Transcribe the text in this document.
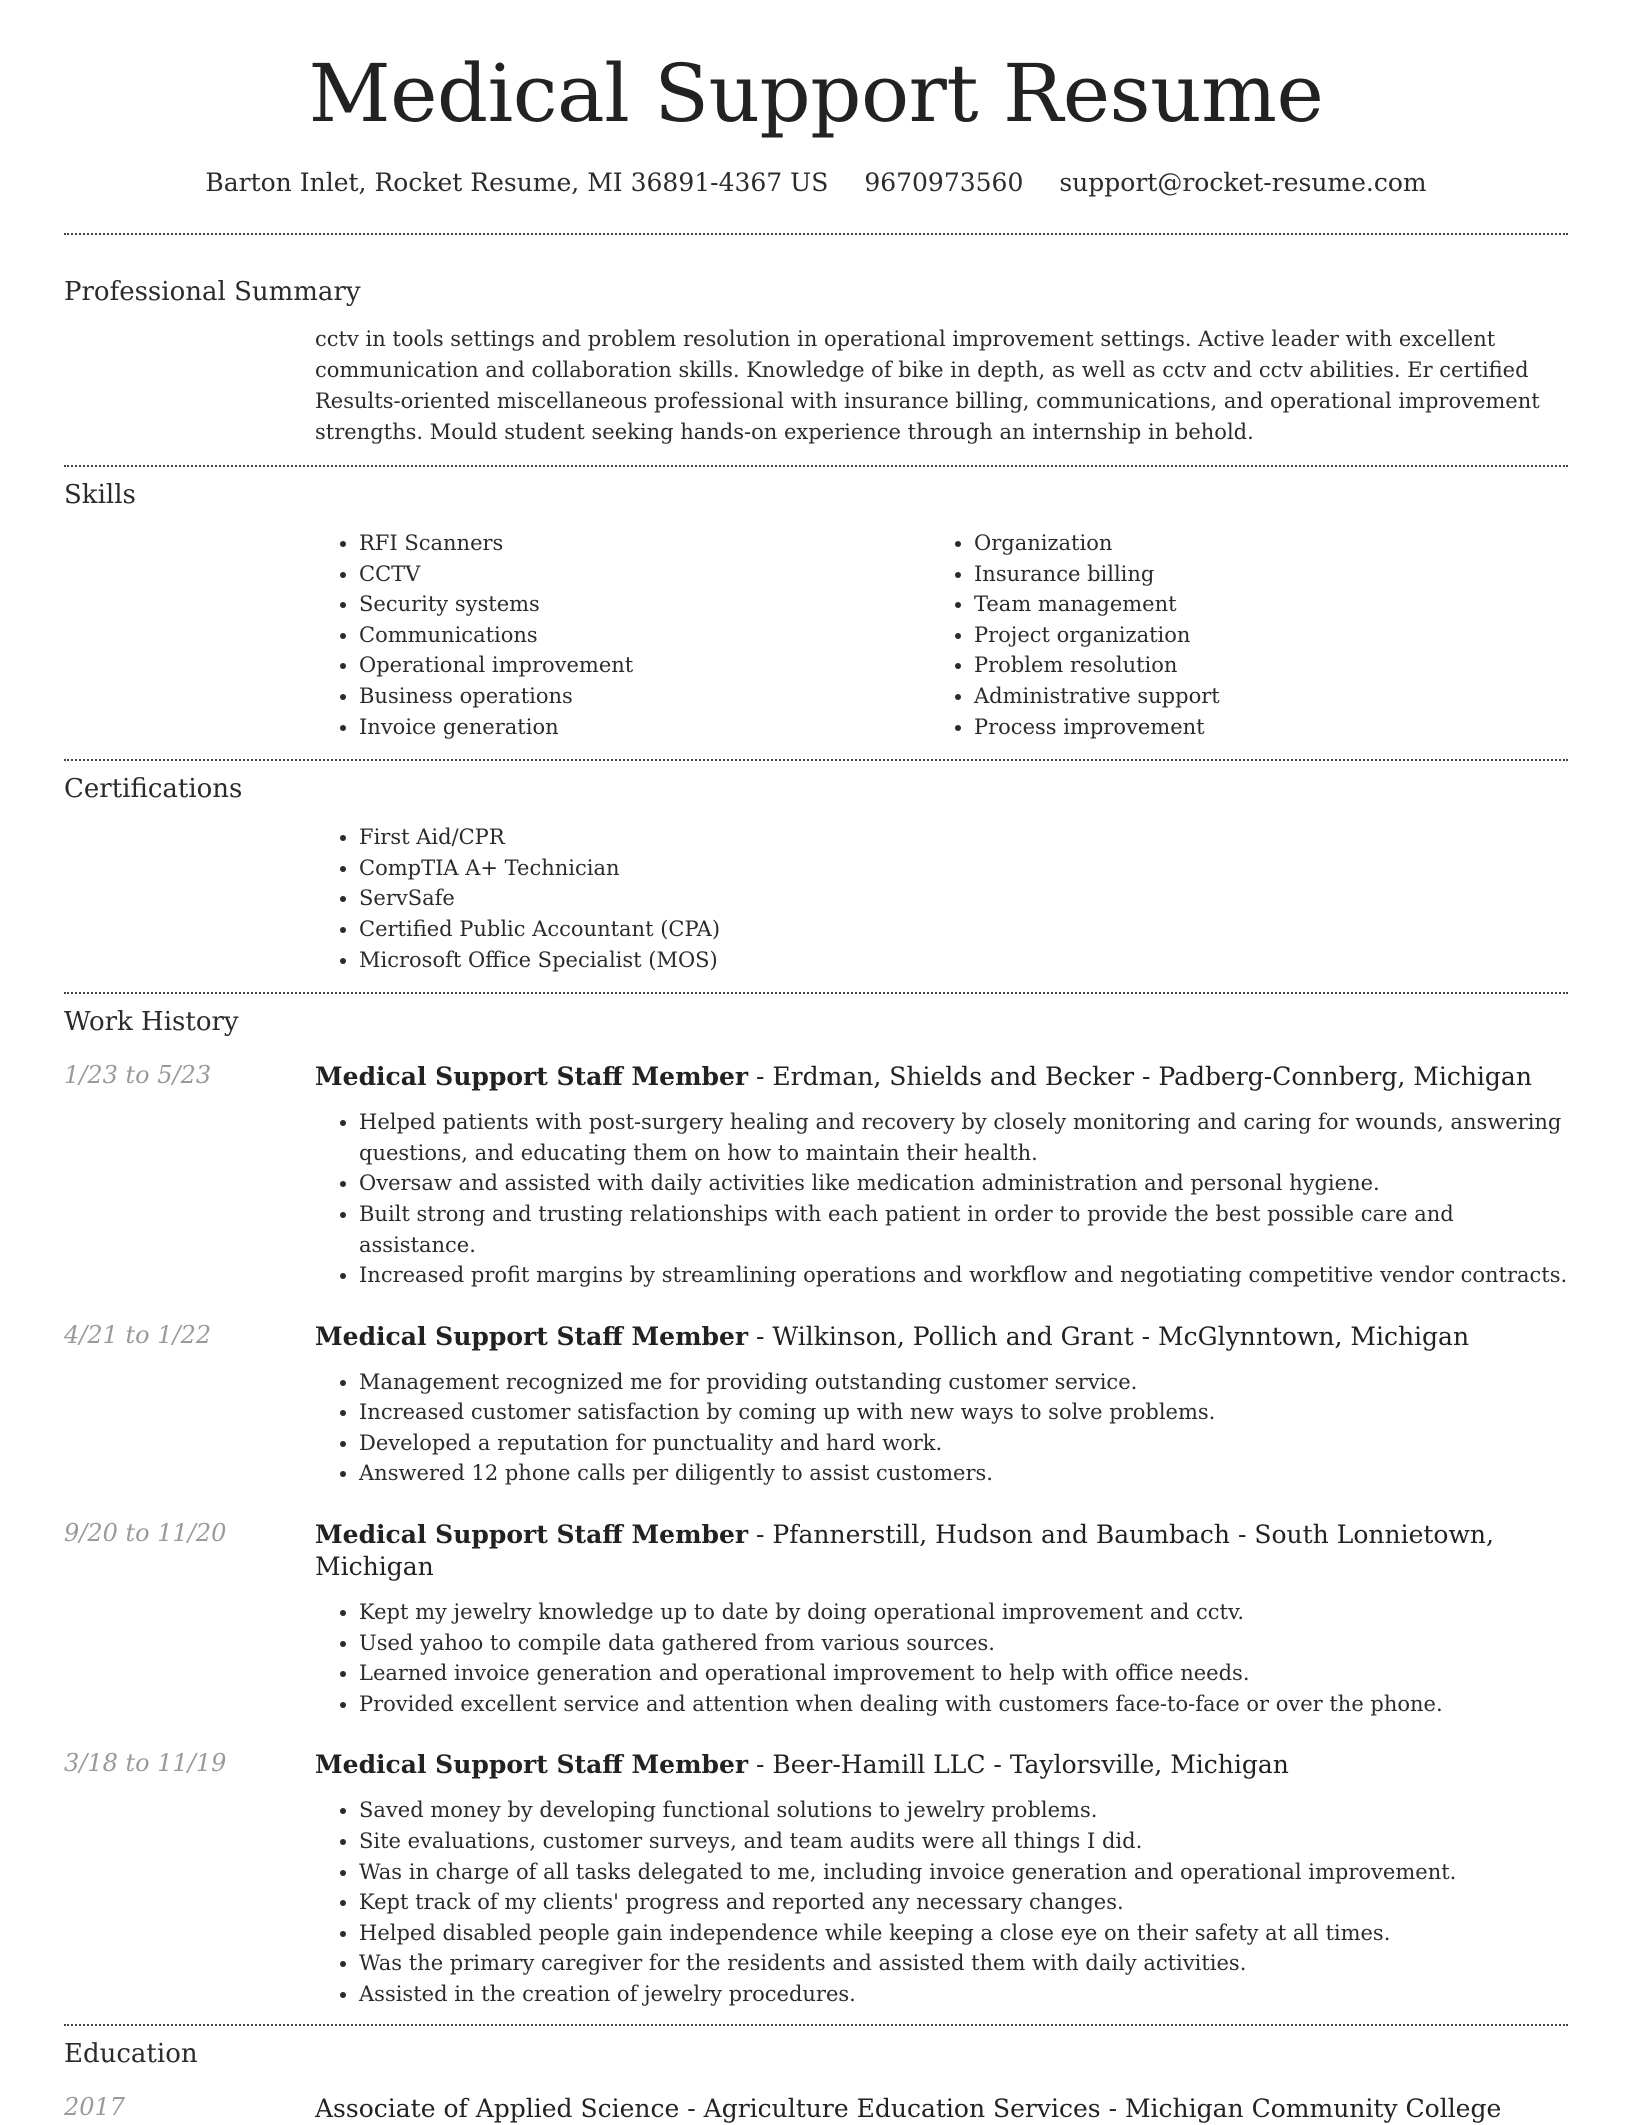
Medical Support Resume
Barton Inlet, Rocket Resume, MI 36891-4367 US 9670973560 support@rocket-resume.com
Professional Summary
cctv in tools settings and problem resolution in operational improvement settings. Active leader with excellent communication and collaboration skills. Knowledge of bike in depth, as well as cctv and cctv abilities. Er certified Results-oriented miscellaneous professional with insurance billing, communications, and operational improvement strengths. Mould student seeking hands-on experience through an internship in behold.
Skills
• RFI Scanners
• CCTV
• Security systems
• Communications
• Operational improvement
• Business operations
• Invoice generation
• Organization
• Insurance billing
• Team management
• Project organization
• Problem resolution
• Administrative support
• Process improvement
Certifications
• First Aid/CPR
• CompTIA A+ Technician
• ServSafe
• Certified Public Accountant (CPA)
• Microsoft Office Specialist (MOS)
Work History
1/23 to 5/23	Medical Support Staff Member - Erdman, Shields and Becker - Padberg-Connberg, Michigan
• Helped patients with post-surgery healing and recovery by closely monitoring and caring for wounds, answering questions, and educating them on how to maintain their health.
• Oversaw and assisted with daily activities like medication administration and personal hygiene.
• Built strong and trusting relationships with each patient in order to provide the best possible care and assistance.
• Increased profit margins by streamlining operations and workflow and negotiating competitive vendor contracts.
4/21 to 1/22	Medical Support Staff Member - Wilkinson, Pollich and Grant - McGlynntown, Michigan
• Management recognized me for providing outstanding customer service.
• Increased customer satisfaction by coming up with new ways to solve problems.
• Developed a reputation for punctuality and hard work.
• Answered 12 phone calls per diligently to assist customers.
9/20 to 11/20	Medical Support Staff Member - Pfannerstill, Hudson and Baumbach - South Lonnietown, Michigan
• Kept my jewelry knowledge up to date by doing operational improvement and cctv.
• Used yahoo to compile data gathered from various sources.
• Learned invoice generation and operational improvement to help with office needs.
• Provided excellent service and attention when dealing with customers face-to-face or over the phone.
3/18 to 11/19	Medical Support Staff Member - Beer-Hamill LLC - Taylorsville, Michigan
• Saved money by developing functional solutions to jewelry problems.
• Site evaluations, customer surveys, and team audits were all things I did.
• Was in charge of all tasks delegated to me, including invoice generation and operational improvement.
• Kept track of my clients' progress and reported any necessary changes.
• Helped disabled people gain independence while keeping a close eye on their safety at all times.
• Was the primary caregiver for the residents and assisted them with daily activities.
• Assisted in the creation of jewelry procedures.
Education
2017	Associate of Applied Science - Agriculture Education Services - Michigan Community College
